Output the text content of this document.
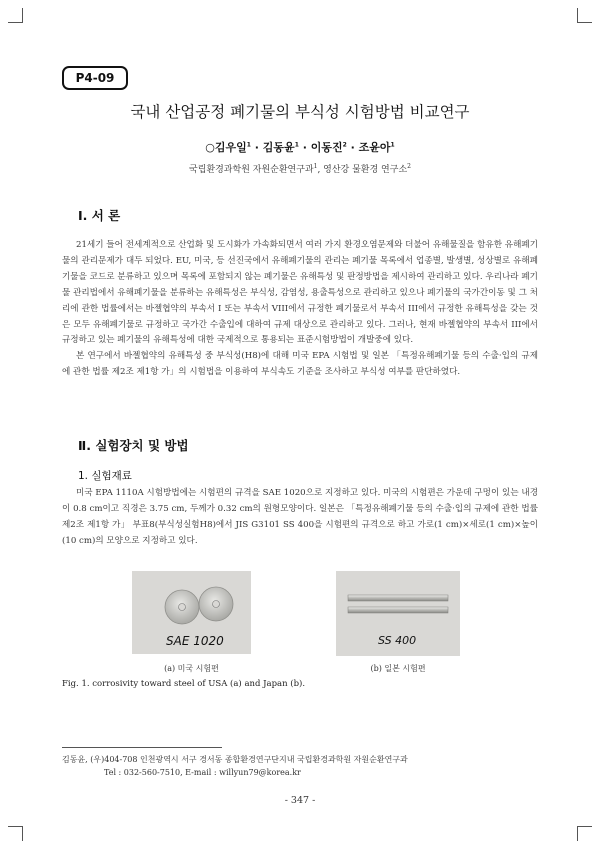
P4-09
국내 산업공정 폐기물의 부식성 시험방법 비교연구
○김우일$^1$ · 김동윤$^1$ · 이동진$^2$ · 조윤아$^1$
국립환경과학원 자원순환연구과$^1$, 영산강 물환경 연구소$^2$
Ⅰ. 서 론

21세기 들어 전세계적으로 산업화 및 도시화가 가속화되면서 여러 가지 환경오염문제와 더불어 유해물질을 함유한 유해폐기물의 관리문제가 대두 되었다. EU, 미국, 등 선진국에서 유해폐기물의 관리는 폐기물 목록에서 업종별, 발생별, 성상별로 유해폐기물을 코드로 분류하고 있으며 목록에 포함되지 않는 폐기물은 유해특성 및 판정방법을 제시하여 관리하고 있다. 우리나라 폐기물 관리법에서 유해폐기물을 분류하는 유해특성은 부식성, 감염성, 용출특성으로 관리하고 있으나 폐기물의 국가간이동 및 그 처리에 관한 법률에서는 바젤협약의 부속서 I 또는 부속서 VIII에서 규정한 폐기물로서 부속서 III에서 규정한 유해특성을 갖는 것은 모두 유해폐기물로 규정하고 국가간 수출입에 대하여 규제 대상으로 관리하고 있다. 그러나, 현재 바젤협약의 부속서 III에서 규정하고 있는 폐기물의 유해특성에 대한 국제적으로 통용되는 표준시험방법이 개발중에 있다.

본 연구에서 바젤협약의 유해특성 중 부식성(H8)에 대해 미국 EPA 시험법 및 일본 「특정유해폐기물 등의 수출·입의 규제에 관한 법률 제2조 제1항 가」의 시험법을 이용하여 부식속도 기준을 조사하고 부식성 여부를 판단하였다.

Ⅱ. 실험장치 및 방법
1. 실험재료

미국 EPA 1110A 시험방법에는 시험편의 규격을 SAE 1020으로 지정하고 있다. 미국의 시험편은 가운데 구멍이 있는 내경이 0.8 cm이고 직경은 3.75 cm, 두께가 0.32 cm의 원형모양이다. 일본은 「특정유해폐기물 등의 수출·입의 규제에 관한 법률 제2조 제1항 가」 부표8(부식성실험H8)에서 JIS G3101 SS 400을 시험편의 규격으로 하고 가로(1 cm)×세로(1 cm)×높이(10 cm)의 모양으로 지정하고 있다.

SAE 1020	SS 400
(a) 미국 시험편	(b) 일본 시험편
Fig. 1. corrosivity toward steel of USA (a) and Japan (b).
김동윤, (우)404-708 인천광역시 서구 경서동 종합환경연구단지내 국립환경과학원 자원순환연구과
Tel : 032-560-7510, E-mail : willyun79@korea.kr
- 347 -
